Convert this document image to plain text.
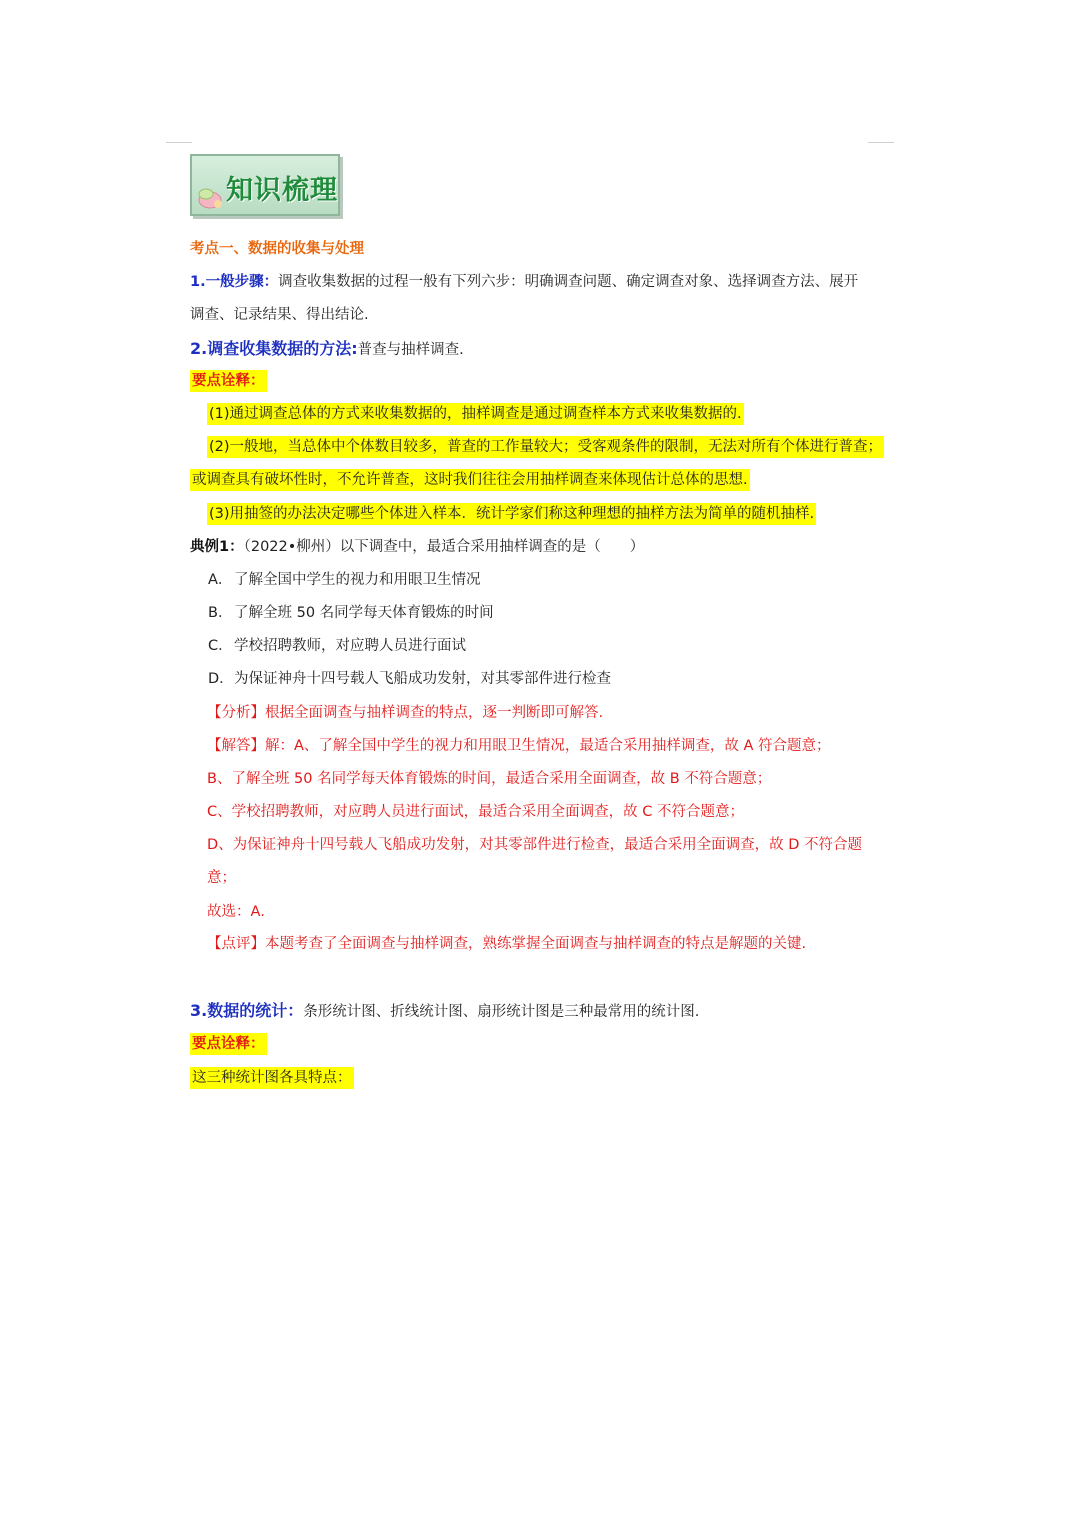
知识梳理
考点一、数据的收集与处理
1.一般步骤：调查收集数据的过程一般有下列六步：明确调查问题、确定调查对象、选择调查方法、展开
调查、记录结果、得出结论.
2.调查收集数据的方法:普查与抽样调查.
要点诠释：
(1)通过调查总体的方式来收集数据的，抽样调查是通过调查样本方式来收集数据的.
(2)一般地，当总体中个体数目较多，普查的工作量较大；受客观条件的限制，无法对所有个体进行普查；
或调查具有破坏性时，不允许普查，这时我们往往会用抽样调查来体现估计总体的思想.
(3)用抽签的办法决定哪些个体进入样本．统计学家们称这种理想的抽样方法为简单的随机抽样.
典例1：（2022•柳州）以下调查中，最适合采用抽样调查的是（　　）
A． 了解全国中学生的视力和用眼卫生情况
B． 了解全班 50 名同学每天体育锻炼的时间
C．学校招聘教师，对应聘人员进行面试
D．为保证神舟十四号载人飞船成功发射，对其零部件进行检查
【分析】根据全面调查与抽样调查的特点，逐一判断即可解答.
【解答】解：A、了解全国中学生的视力和用眼卫生情况，最适合采用抽样调查，故 A 符合题意；
B、了解全班 50 名同学每天体育锻炼的时间，最适合采用全面调查，故 B 不符合题意；
C、学校招聘教师，对应聘人员进行面试，最适合采用全面调查，故 C 不符合题意；
D、为保证神舟十四号载人飞船成功发射，对其零部件进行检查，最适合采用全面调查，故 D 不符合题
意；
故选：A．
【点评】本题考查了全面调查与抽样调查，熟练掌握全面调查与抽样调查的特点是解题的关键.
3.数据的统计：条形统计图、折线统计图、扇形统计图是三种最常用的统计图.
要点诠释：
这三种统计图各具特点：
